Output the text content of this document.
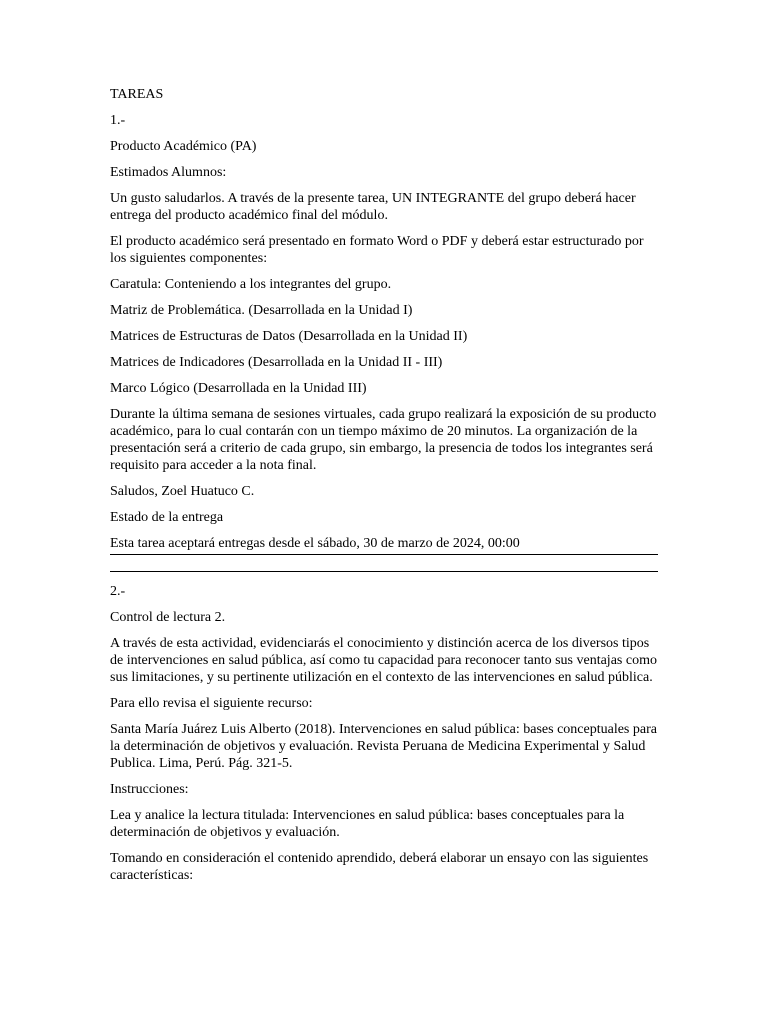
TAREAS

1.-

Producto Académico (PA)

Estimados Alumnos:

Un gusto saludarlos. A través de la presente tarea, UN INTEGRANTE del grupo deberá hacer entrega del producto académico final del módulo.

El producto académico será presentado en formato Word o PDF y deberá estar estructurado por los siguientes componentes:

Caratula: Conteniendo a los integrantes del grupo.

Matriz de Problemática. (Desarrollada en la Unidad I)

Matrices de Estructuras de Datos (Desarrollada en la Unidad II)

Matrices de Indicadores (Desarrollada en la Unidad II - III)

Marco Lógico (Desarrollada en la Unidad III)

Durante la última semana de sesiones virtuales, cada grupo realizará la exposición de su producto académico, para lo cual contarán con un tiempo máximo de 20 minutos. La organización de la presentación será a criterio de cada grupo, sin embargo, la presencia de todos los integrantes será requisito para acceder a la nota final.

Saludos, Zoel Huatuco C.

Estado de la entrega

Esta tarea aceptará entregas desde el sábado, 30 de marzo de 2024, 00:00

2.-

Control de lectura 2.

A través de esta actividad, evidenciarás el conocimiento y distinción acerca de los diversos tipos de intervenciones en salud pública, así como tu capacidad para reconocer tanto sus ventajas como sus limitaciones, y su pertinente utilización en el contexto de las intervenciones en salud pública.

Para ello revisa el siguiente recurso:

Santa María Juárez Luis Alberto (2018). Intervenciones en salud pública: bases conceptuales para la determinación de objetivos y evaluación. Revista Peruana de Medicina Experimental y Salud Publica. Lima, Perú. Pág. 321-5.

Instrucciones:

Lea y analice la lectura titulada: Intervenciones en salud pública: bases conceptuales para la determinación de objetivos y evaluación.

Tomando en consideración el contenido aprendido, deberá elaborar un ensayo con las siguientes características:
